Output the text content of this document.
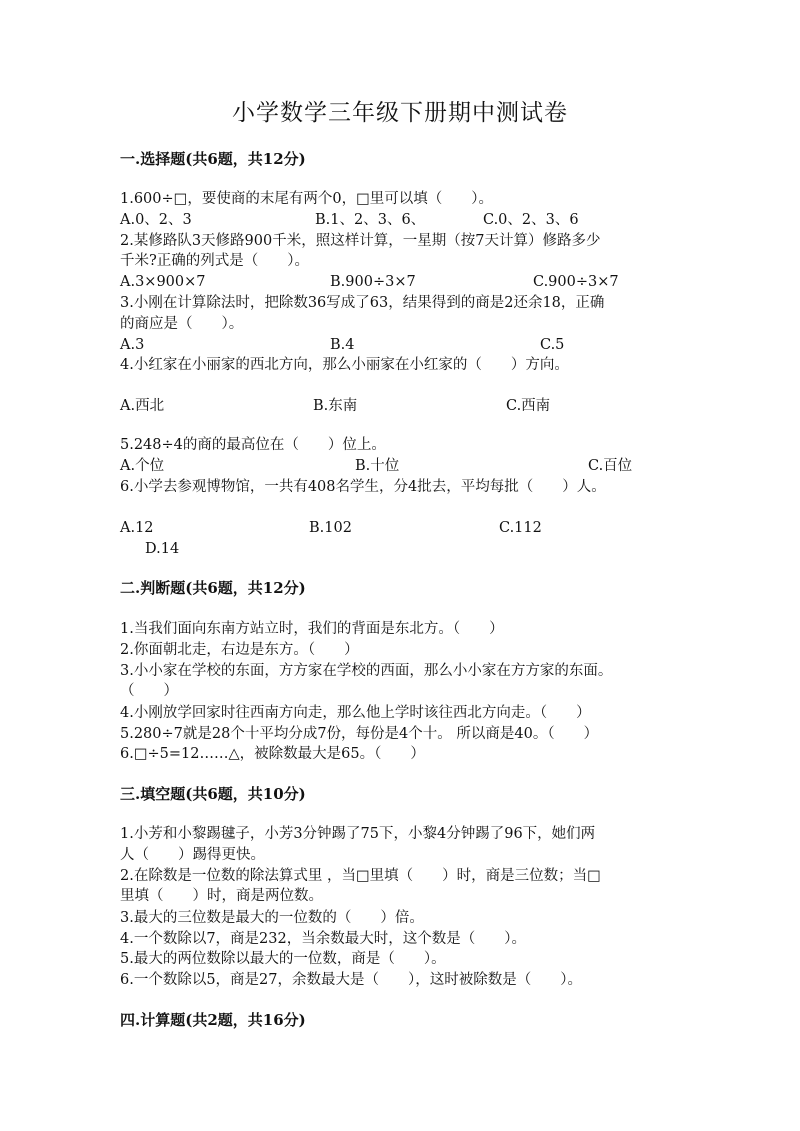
小学数学三年级下册期中测试卷
一.选择题(共6题，共12分)
1.600÷□，要使商的末尾有两个0，□里可以填（　　）。
A.0、2、3	B.1、2、3、6、	C.0、2、3、6
2.某修路队3天修路900千米，照这样计算，一星期（按7天计算）修路多少
千米?正确的列式是（　　）。
A.3×900×7	B.900÷3×7	C.900÷3×7
3.小刚在计算除法时，把除数36写成了63，结果得到的商是2还余18，正确
的商应是（　　）。
A.3	B.4	C.5
4.小红家在小丽家的西北方向，那么小丽家在小红家的（　　）方向。
A.西北	B.东南	C.西南
5.248÷4的商的最高位在（　　）位上。
A.个位	B.十位	C.百位
6.小学去参观博物馆，一共有408名学生，分4批去，平均每批（　　）人。
A.12	B.102	C.112
D.14
二.判断题(共6题，共12分)
1.当我们面向东南方站立时，我们的背面是东北方。（　　）
2.你面朝北走，右边是东方。（　　）
3.小小家在学校的东面，方方家在学校的西面，那么小小家在方方家的东面。
（　　）
4.小刚放学回家时往西南方向走，那么他上学时该往西北方向走。（　　）
5.280÷7就是28个十平均分成7份，每份是4个十。 所以商是40。（　　）
6.□÷5=12……△，被除数最大是65。（　　）
三.填空题(共6题，共10分)
1.小芳和小黎踢毽子，小芳3分钟踢了75下，小黎4分钟踢了96下，她们两
人（　　）踢得更快。
2.在除数是一位数的除法算式里 ，当□里填（　　）时，商是三位数；当□
里填（　　）时，商是两位数。
3.最大的三位数是最大的一位数的（　　）倍。
4.一个数除以7，商是232，当余数最大时，这个数是（　　）。
5.最大的两位数除以最大的一位数，商是（　　）。
6.一个数除以5，商是27，余数最大是（　　），这时被除数是（　　）。
四.计算题(共2题，共16分)
